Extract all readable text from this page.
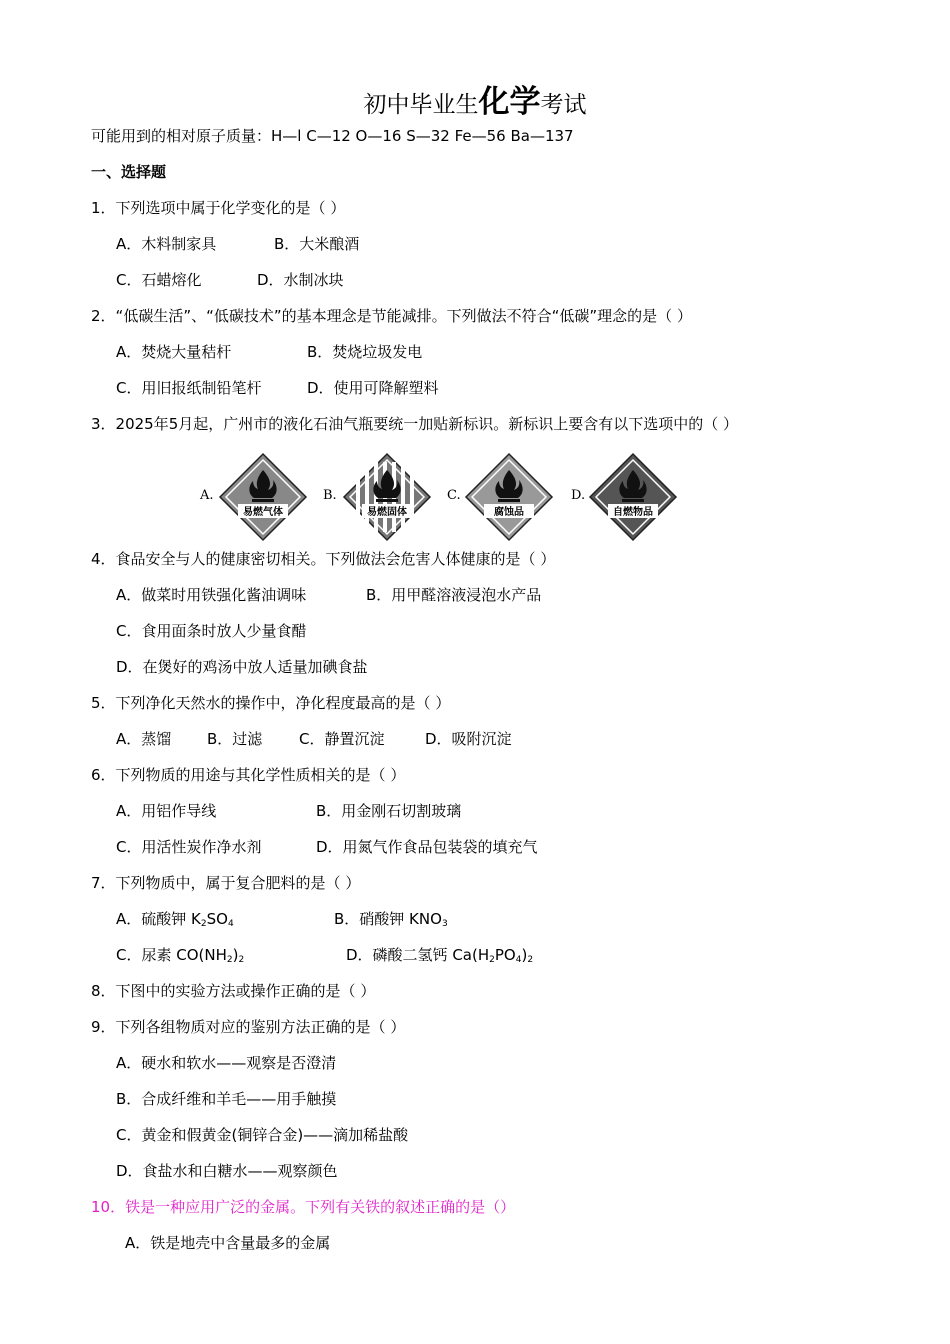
初中毕业生化学考试
可能用到的相对原子质量：H—l C—12 O—16 S—32 Fe—56 Ba—137
一、选择题
1．下列选项中属于化学变化的是（ ）
A．木料制家具	B．大米酿酒
C．石蜡熔化	D．水制冰块
2．“低碳生活”、“低碳技术”的基本理念是节能减排。下列做法不符合“低碳”理念的是（ ）
A．焚烧大量秸杆	B．焚烧垃圾发电
C．用旧报纸制铅笔杆	D．使用可降解塑料
3．2025年5月起，广州市的液化石油气瓶要统一加贴新标识。新标识上要含有以下选项中的（ ）
A.
易燃气体
B.
易燃固体
C.
腐蚀品
D.
自燃物品
4．食品安全与人的健康密切相关。下列做法会危害人体健康的是（ ）
A．做菜时用铁强化酱油调味	B．用甲醛溶液浸泡水产品
C．食用面条时放人少量食醋
D．在煲好的鸡汤中放人适量加碘食盐
5．下列净化天然水的操作中，净化程度最高的是（ ）
A．蒸馏 B．过滤 C．静置沉淀	D．吸附沉淀
6．下列物质的用途与其化学性质相关的是（ ）
A．用铝作导线	B．用金刚石切割玻璃
C．用活性炭作净水剂	D．用氮气作食品包装袋的填充气
7．下列物质中，属于复合肥料的是（ ）
A．硫酸钾 $K_2SO_4$	B．硝酸钾 $KNO_3$
C．尿素 $CO(NH_2)_2$	D．磷酸二氢钙 $Ca(H_2PO_4)_2$
8．下图中的实验方法或操作正确的是（ ）
9．下列各组物质对应的鉴别方法正确的是（ ）
A．硬水和软水——观察是否澄清
B．合成纤维和羊毛——用手触摸
C．黄金和假黄金(铜锌合金)——滴加稀盐酸
D．食盐水和白糖水——观察颜色
10．铁是一种应用广泛的金属。下列有关铁的叙述正确的是（）
A．铁是地壳中含量最多的金属
